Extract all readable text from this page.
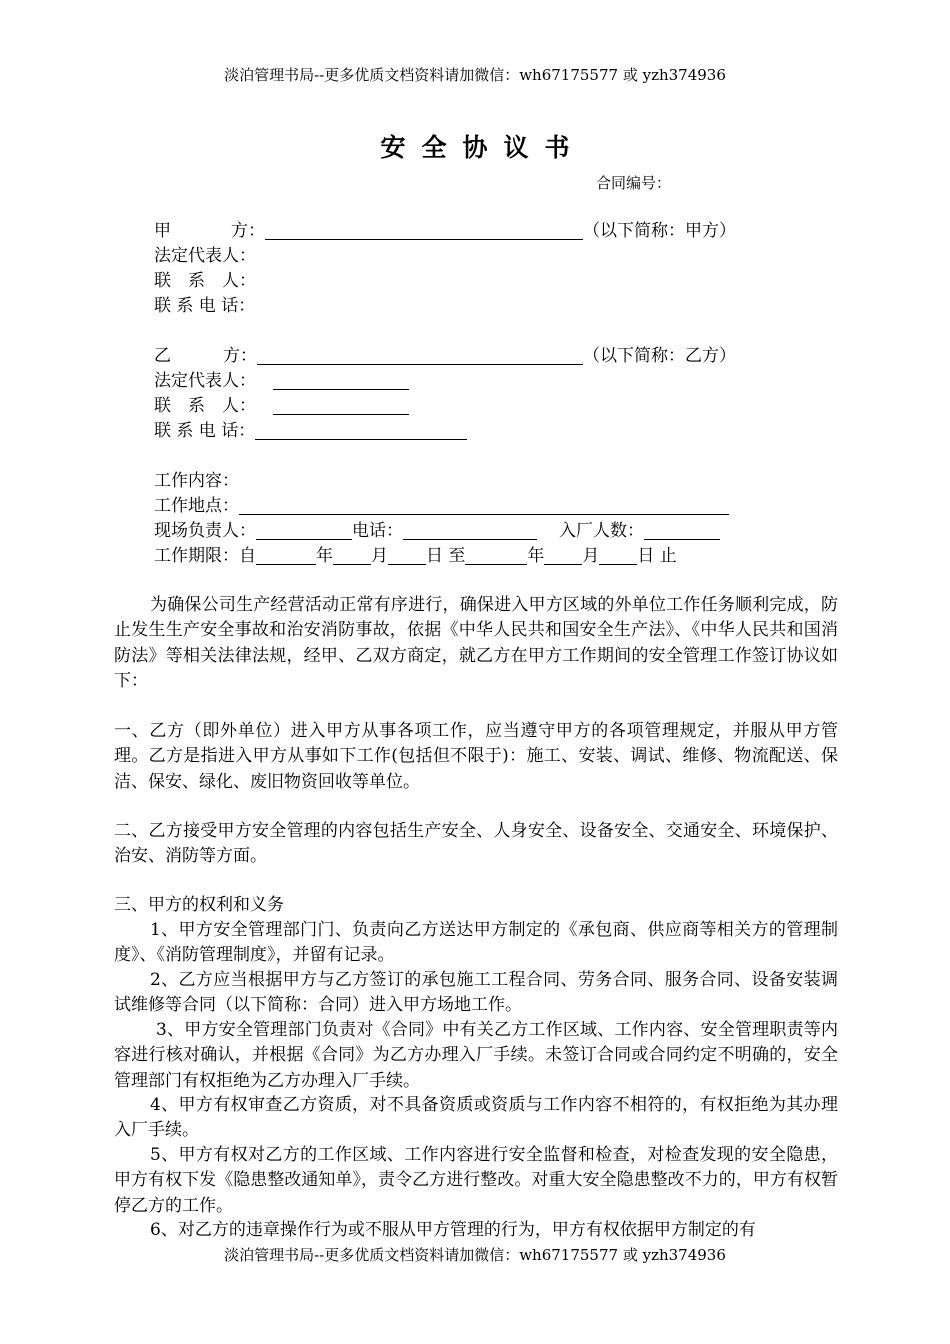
淡泊管理书局--更多优质文档资料请加微信：wh67175577 或 yzh374936
安全协议书
合同编号：
甲	方：	（以下简称：甲方）
法定代表人：
联　系　人：
联 系 电 话：
乙	方：	（以下简称：乙方）
法定代表人：
联　系　人：
联 系 电 话：
工作内容：
工作地点：
现场负责人：	电话：	入厂人数：
工作期限：自	年 月 日 至	年 月 日 止

为确保公司生产经营活动正常有序进行，确保进入甲方区域的外单位工作任务顺利完成，防止发生生产安全事故和治安消防事故，依据《中华人民共和国安全生产法》、《中华人民共和国消防法》等相关法律法规，经甲、乙双方商定，就乙方在甲方工作期间的安全管理工作签订协议如下：

一、乙方（即外单位）进入甲方从事各项工作，应当遵守甲方的各项管理规定，并服从甲方管理。乙方是指进入甲方从事如下工作(包括但不限于)：施工、安装、调试、维修、物流配送、保洁、保安、绿化、废旧物资回收等单位。

二、乙方接受甲方安全管理的内容包括生产安全、人身安全、设备安全、交通安全、环境保护、治安、消防等方面。

三、甲方的权利和义务

1、甲方安全管理部门门、负责向乙方送达甲方制定的《承包商、供应商等相关方的管理制度》、《消防管理制度》，并留有记录。

2、乙方应当根据甲方与乙方签订的承包施工工程合同、劳务合同、服务合同、设备安装调试维修等合同（以下简称：合同）进入甲方场地工作。

3、甲方安全管理部门负责对《合同》中有关乙方工作区域、工作内容、安全管理职责等内容进行核对确认，并根据《合同》为乙方办理入厂手续。未签订合同或合同约定不明确的，安全管理部门有权拒绝为乙方办理入厂手续。

4、甲方有权审查乙方资质，对不具备资质或资质与工作内容不相符的，有权拒绝为其办理入厂手续。

5、甲方有权对乙方的工作区域、工作内容进行安全监督和检查，对检查发现的安全隐患，甲方有权下发《隐患整改通知单》，责令乙方进行整改。对重大安全隐患整改不力的，甲方有权暂停乙方的工作。

6、对乙方的违章操作行为或不服从甲方管理的行为，甲方有权依据甲方制定的有

淡泊管理书局--更多优质文档资料请加微信：wh67175577 或 yzh374936
